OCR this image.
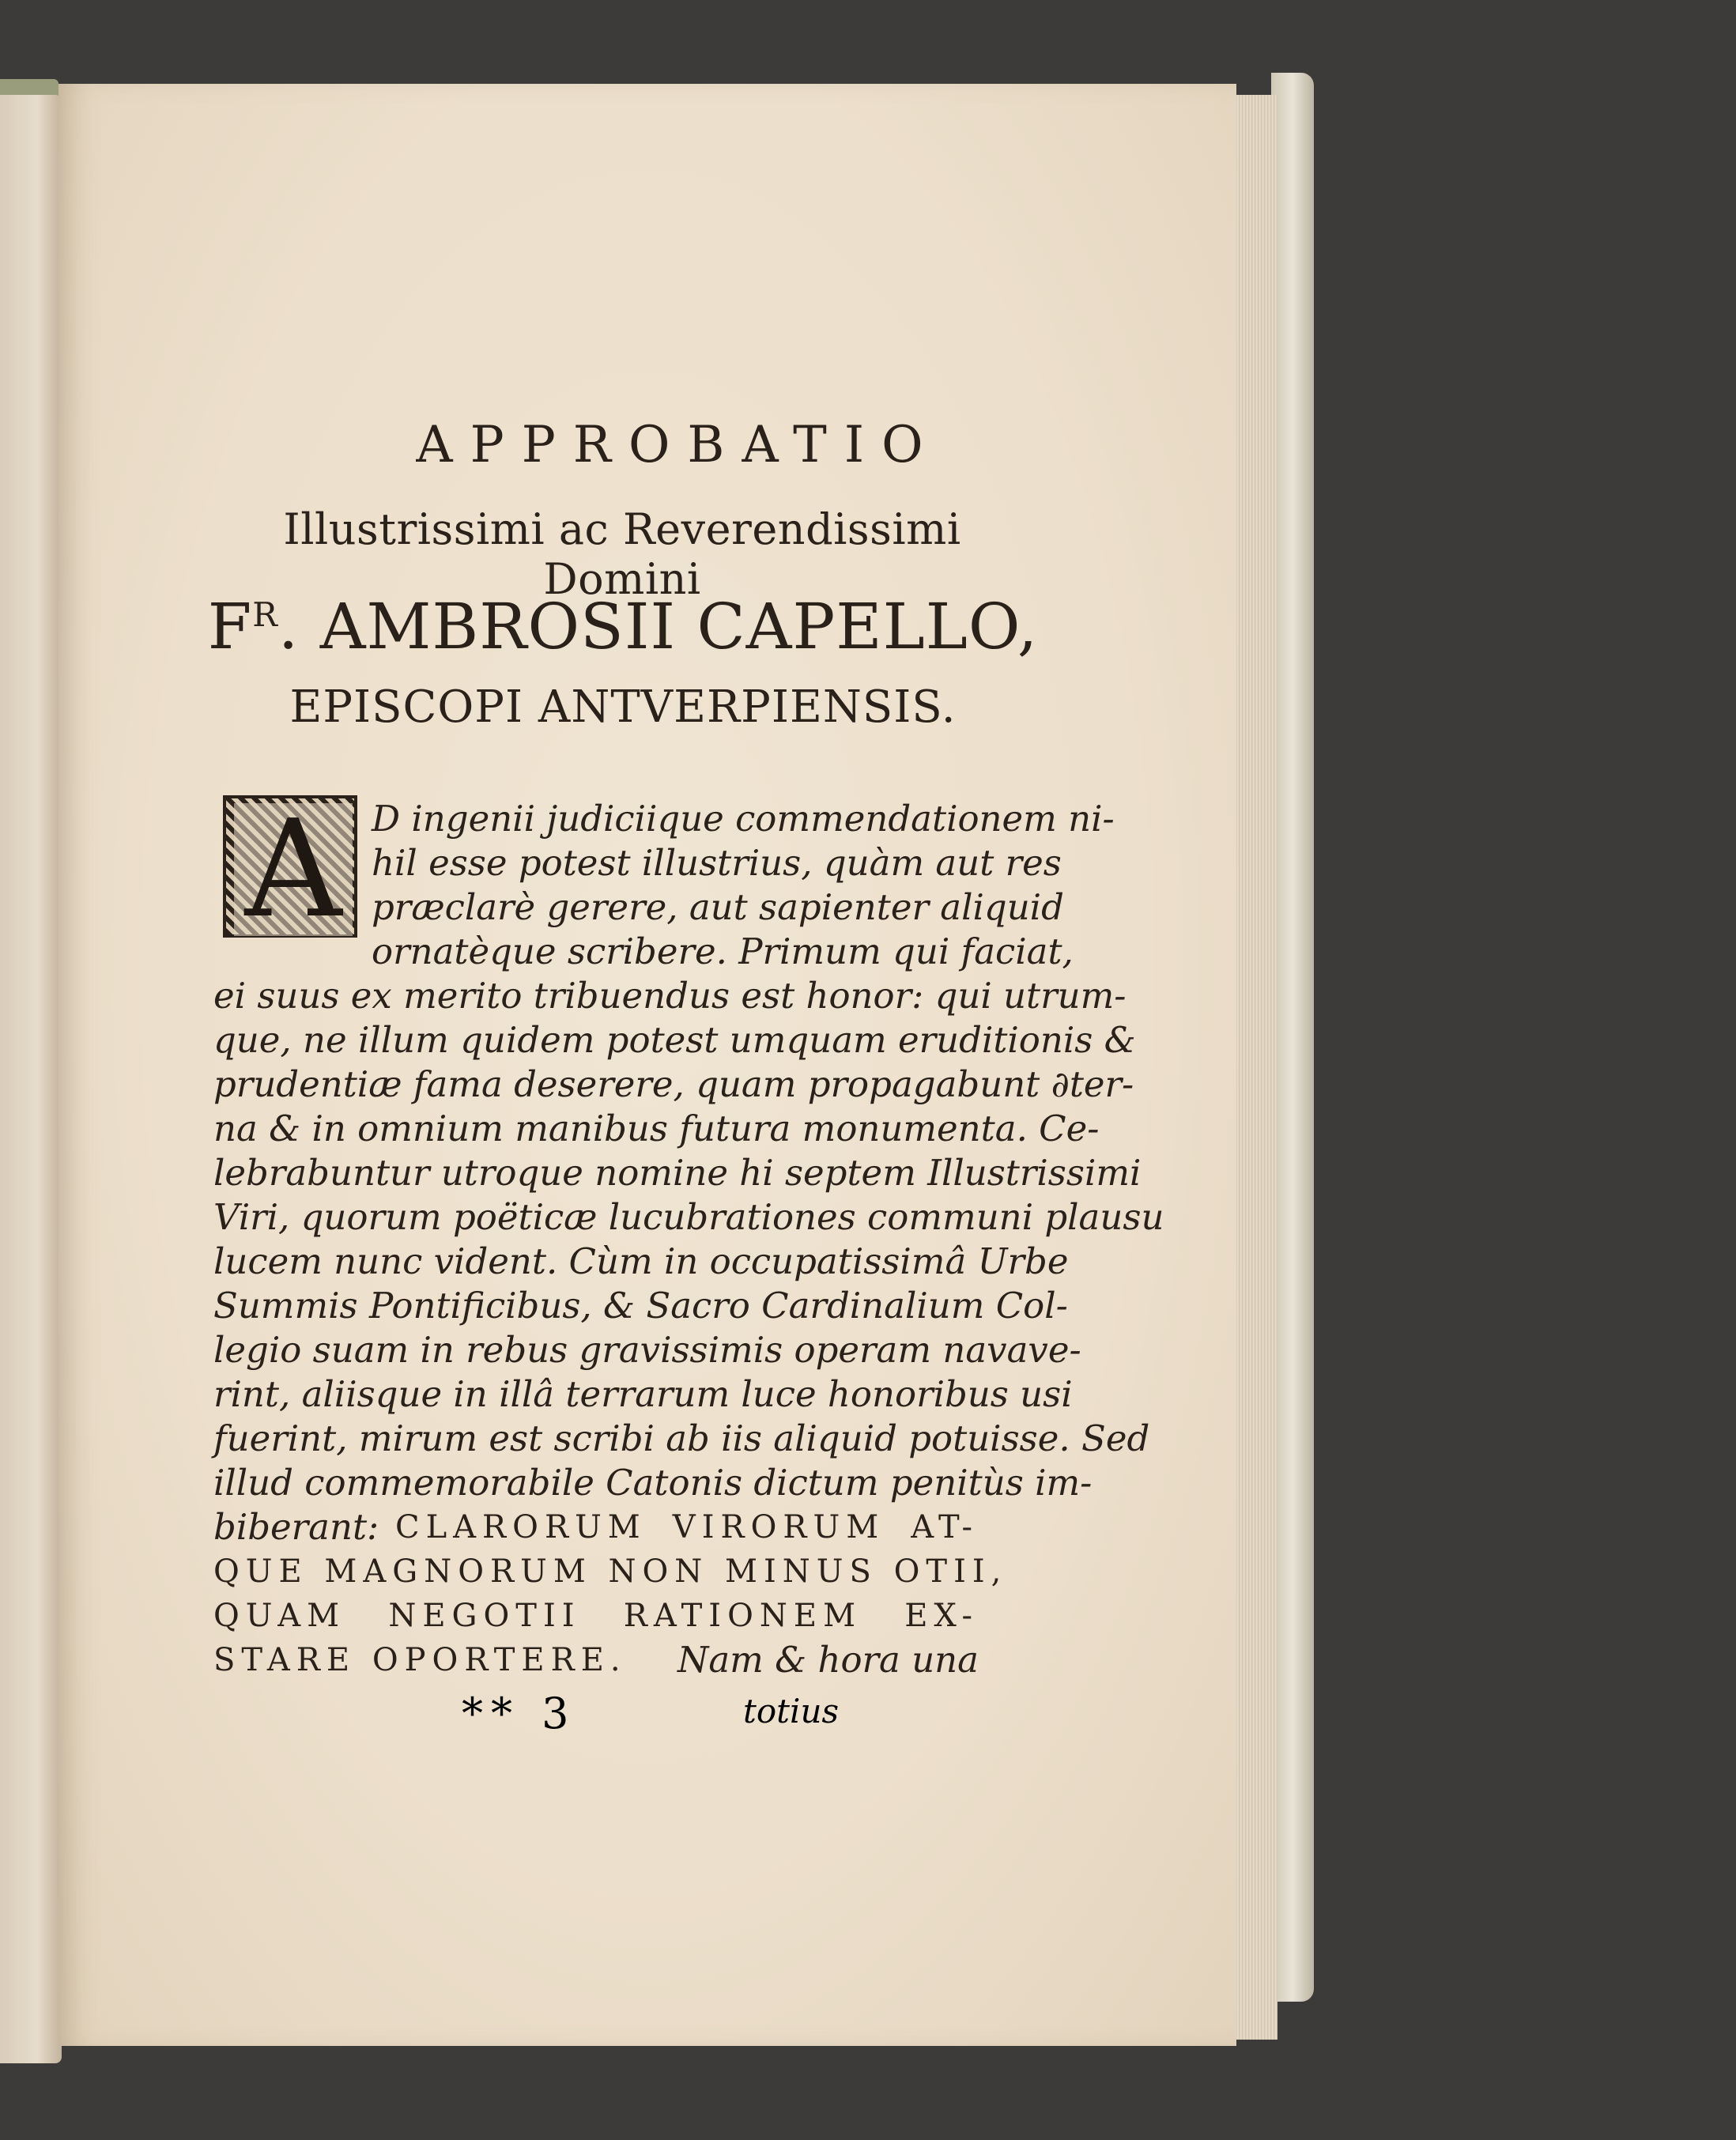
APPROBATIO
Illustrissimi ac Reverendissimi Domini
$F^R$. AMBROSII CAPELLO,
EPISCOPI ANTVERPIENSIS.
A D ingenii judiciique commendationem ni-
hil esse potest illustrius, quàm aut res
præclarè gerere, aut sapienter aliquid
ornatèque scribere. Primum qui faciat,
ei suus ex merito tribuendus est honor: qui utrum-
que, ne illum quidem potest umquam eruditionis &
prudentiæ fama deserere, quam propagabunt ∂ter-
na & in omnium manibus futura monumenta. Ce-
lebrabuntur utroque nomine hi septem Illustrissimi
Viri, quorum poëticæ lucubrationes communi plausu
lucem nunc vident. Cùm in occupatissimâ Urbe
Summis Pontificibus, & Sacro Cardinalium Col-
legio suam in rebus gravissimis operam navave-
rint, aliisque in illâ terrarum luce honoribus usi
fuerint, mirum est scribi ab iis aliquid potuisse. Sed
illud commemorabile Catonis dictum penitùs im-
biberant: CLARORUM VIRORUM AT-
QUE MAGNORUM NON MINUS OTII,
QUAM NEGOTII RATIONEM EX-
STARE OPORTERE. Nam & hora una
** 3	totius
